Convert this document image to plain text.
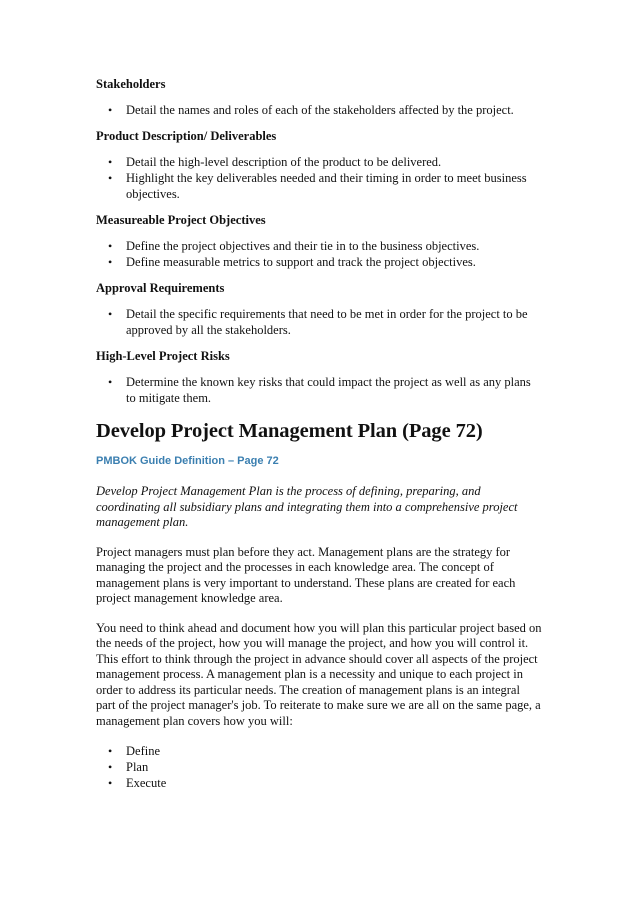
Stakeholders
• Detail the names and roles of each of the stakeholders affected by the project.
Product Description/ Deliverables
• Detail the high-level description of the product to be delivered.
• Highlight the key deliverables needed and their timing in order to meet business objectives.
Measureable Project Objectives
• Define the project objectives and their tie in to the business objectives.
• Define measurable metrics to support and track the project objectives.
Approval Requirements
• Detail the specific requirements that need to be met in order for the project to be approved by all the stakeholders.
High-Level Project Risks
• Determine the known key risks that could impact the project as well as any plans to mitigate them.
Develop Project Management Plan (Page 72)
PMBOK Guide Definition – Page 72

Develop Project Management Plan is the process of defining, preparing, and coordinating all subsidiary plans and integrating them into a comprehensive project management plan.

Project managers must plan before they act. Management plans are the strategy for managing the project and the processes in each knowledge area. The concept of management plans is very important to understand. These plans are created for each project management knowledge area.

You need to think ahead and document how you will plan this particular project based on the needs of the project, how you will manage the project, and how you will control it. This effort to think through the project in advance should cover all aspects of the project management process. A management plan is a necessity and unique to each project in order to address its particular needs. The creation of management plans is an integral part of the project manager's job. To reiterate to make sure we are all on the same page, a management plan covers how you will:

• Define
• Plan
• Execute
